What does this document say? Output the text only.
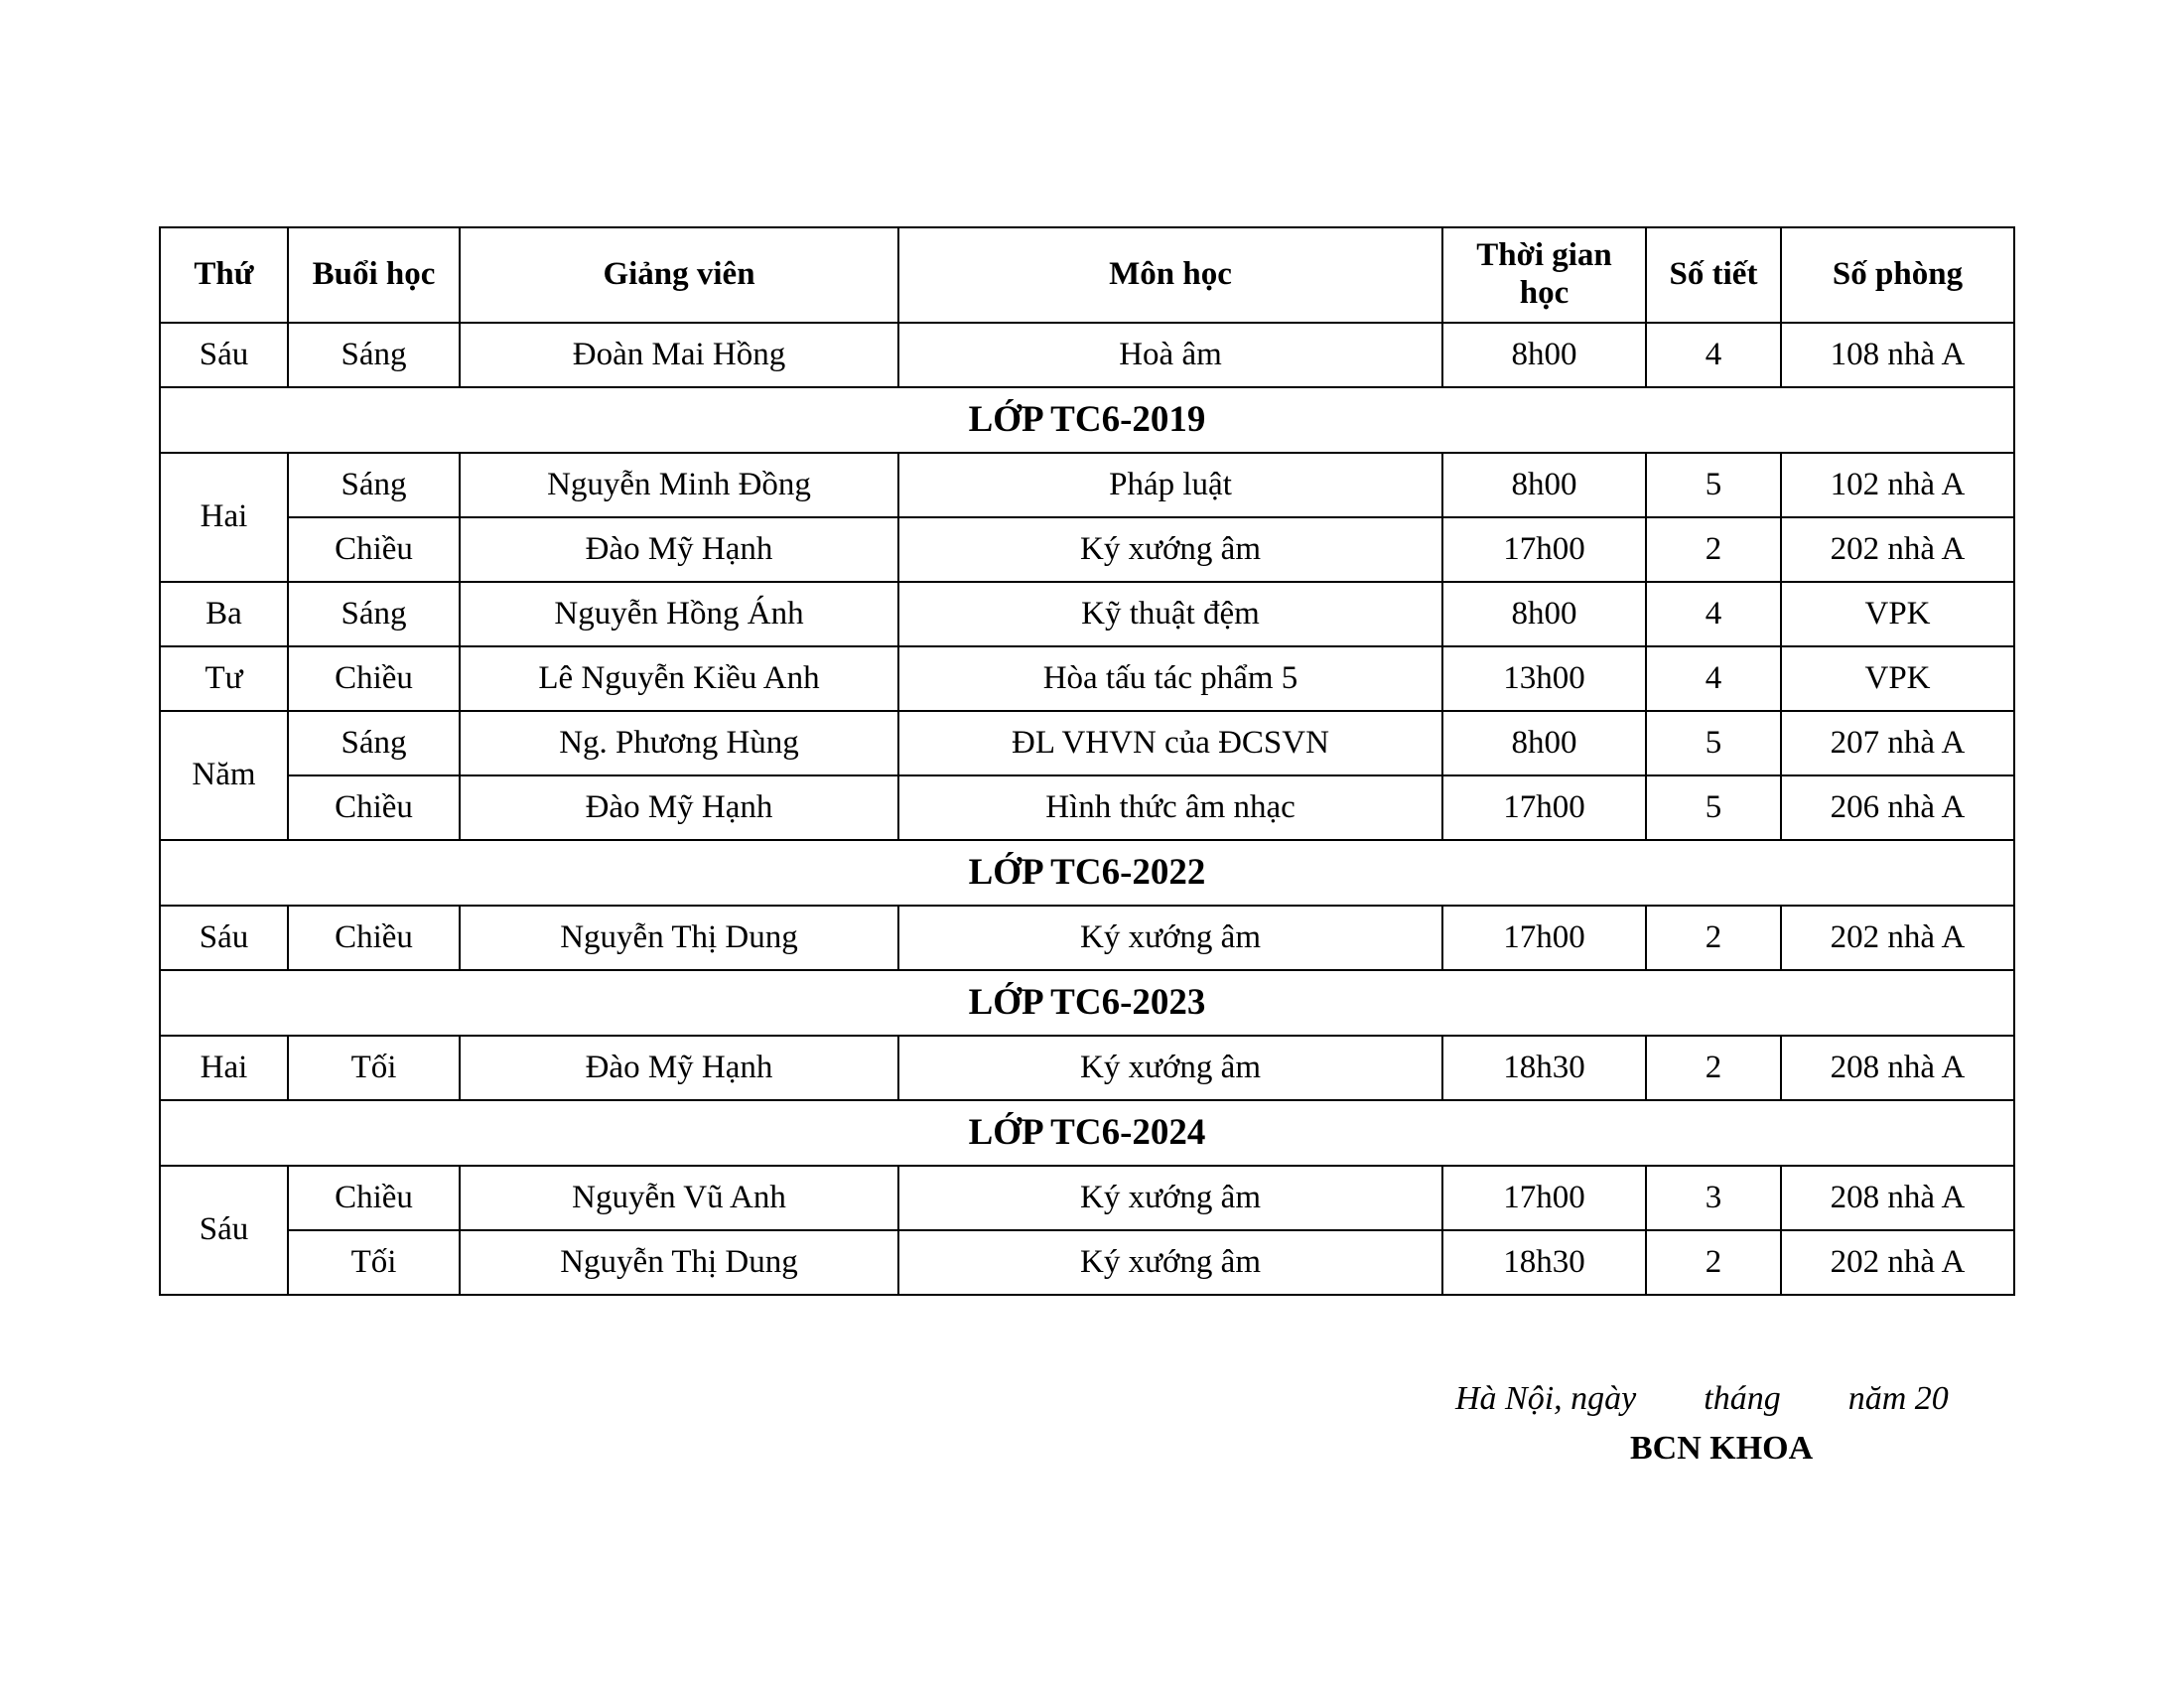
Thứ	Buổi học	Giảng viên	Môn học	Thời gian học	Số tiết	Số phòng
Sáu	Sáng	Đoàn Mai Hồng	Hoà âm	8h00	4	108 nhà A
LỚP TC6-2019						
Hai	Sáng	Nguyễn Minh Đồng	Pháp luật	8h00	5	102 nhà A
	Chiều	Đào Mỹ Hạnh	Ký xướng âm	17h00	2	202 nhà A
Ba	Sáng	Nguyễn Hồng Ánh	Kỹ thuật đệm	8h00	4	VPK
Tư	Chiều	Lê Nguyễn Kiều Anh	Hòa tấu tác phẩm 5	13h00	4	VPK
Năm	Sáng	Ng. Phương Hùng	ĐL VHVN của ĐCSVN	8h00	5	207 nhà A
	Chiều	Đào Mỹ Hạnh	Hình thức âm nhạc	17h00	5	206 nhà A
LỚP TC6-2022						
Sáu	Chiều	Nguyễn Thị Dung	Ký xướng âm	17h00	2	202 nhà A
LỚP TC6-2023						
Hai	Tối	Đào Mỹ Hạnh	Ký xướng âm	18h30	2	208 nhà A
LỚP TC6-2024						
Sáu	Chiều	Nguyễn Vũ Anh	Ký xướng âm	17h00	3	208 nhà A
	Tối	Nguyễn Thị Dung	Ký xướng âm	18h30	2	202 nhà A
Hà Nội, ngày        tháng        năm 20
BCN KHOA
